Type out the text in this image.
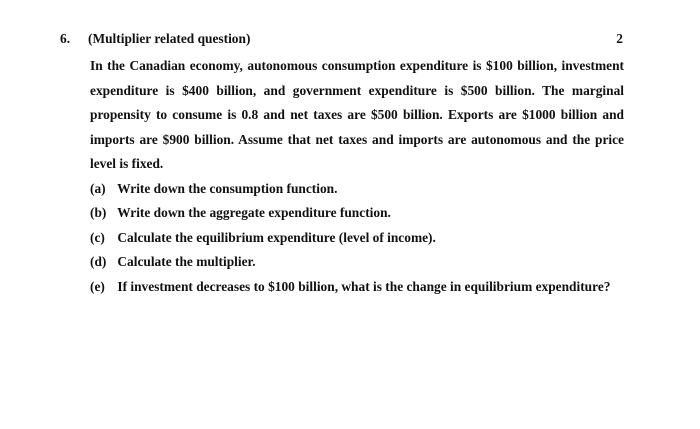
6. (Multiplier related question)	2
In the Canadian economy, autonomous consumption expenditure is $100 billion, investment expenditure is $400 billion, and government expenditure is $500 billion. The marginal propensity to consume is 0.8 and net taxes are $500 billion. Exports are $1000 billion and imports are $900 billion. Assume that net taxes and imports are autonomous and the price level is fixed.
(a) Write down the consumption function.
(b) Write down the aggregate expenditure function.
(c) Calculate the equilibrium expenditure (level of income).
(d) Calculate the multiplier.
(e) If investment decreases to $100 billion, what is the change in equilibrium expenditure?
